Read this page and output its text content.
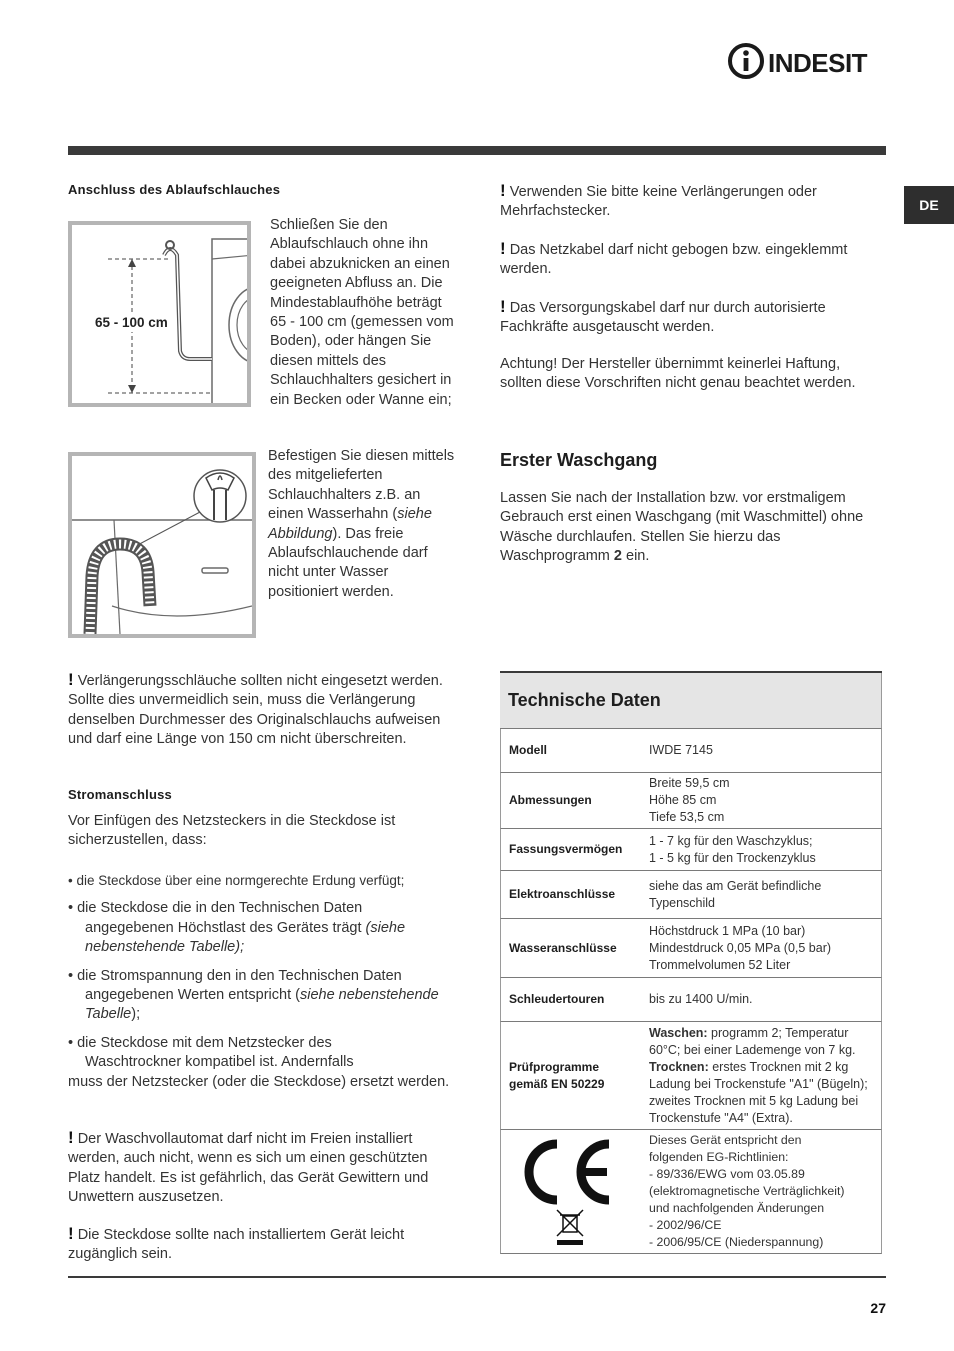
INDESIT
DE
Anschluss des Ablaufschlauches
65 - 100 cm
Schließen Sie den Ablaufschlauch ohne ihn dabei abzuknicken an einen geeigneten Abfluss an. Die Mindestablaufhöhe beträgt 65 - 100 cm (gemessen vom Boden), oder hängen Sie diesen mittels des Schlauchhalters gesichert in ein Becken oder Wanne ein;
Befestigen Sie diesen mittels des mitgelieferten Schlauchhalters z.B. an einen Wasserhahn (siehe Abbildung). Das freie Ablaufschlauchende darf nicht unter Wasser positioniert werden.
! Verlängerungsschläuche sollten nicht eingesetzt werden. Sollte dies unvermeidlich sein, muss die Verlängerung denselben Durchmesser des Originalschlauchs aufweisen und darf eine Länge von 150 cm nicht überschreiten.
Stromanschluss
Vor Einfügen des Netzsteckers in die Steckdose ist sicherzustellen, dass:
• die Steckdose über eine normgerechte Erdung verfügt;
• die Steckdose die in den Technischen Daten
angegebenen Höchstlast des Gerätes trägt (siehe nebenstehende Tabelle);
• die Stromspannung den in den Technischen Daten
angegebenen Werten entspricht (siehe nebenstehende Tabelle);
• die Steckdose mit dem Netzstecker des
Waschtrockner kompatibel ist. Andernfalls
muss der Netzstecker (oder die Steckdose) ersetzt werden.
! Der Waschvollautomat darf nicht im Freien installiert werden, auch nicht, wenn es sich um einen geschützten Platz handelt. Es ist gefährlich, das Gerät Gewittern und Unwettern auszusetzen.
! Die Steckdose sollte nach installiertem Gerät leicht zugänglich sein.
! Verwenden Sie bitte keine Verlängerungen oder Mehrfachstecker.
! Das Netzkabel darf nicht gebogen bzw. eingeklemmt werden.
! Das Versorgungskabel darf nur durch autorisierte Fachkräfte ausgetauscht werden.
Achtung! Der Hersteller übernimmt keinerlei Haftung, sollten diese Vorschriften nicht genau beachtet werden.
Erster Waschgang
Lassen Sie nach der Installation bzw. vor erstmaligem Gebrauch erst einen Waschgang (mit Waschmittel) ohne Wäsche durchlaufen. Stellen Sie hierzu das Waschprogramm 2 ein.
Technische Daten
Modell	IWDE 7145
Abmessungen
Breite 59,5 cm
Höhe 85 cm
Tiefe 53,5 cm
Fassungsvermögen
1 - 7 kg für den Waschzyklus;
1 - 5 kg für den Trockenzyklus
Elektroanschlüsse
siehe das am Gerät befindliche
Typenschild
Wasseranschlüsse
Höchstdruck 1 MPa (10 bar)
Mindestdruck 0,05 MPa (0,5 bar)
Trommelvolumen 52 Liter
Schleudertouren	bis zu 1400 U/min.
Prüfprogramme
gemäß EN 50229
Waschen: programm 2; Temperatur
60°C; bei einer Lademenge von 7 kg.
Trocknen: erstes Trocknen mit 2 kg
Ladung bei Trockenstufe "A1" (Bügeln);
zweites Trocknen mit 5 kg Ladung bei
Trockenstufe "A4" (Extra).
Dieses Gerät entspricht den
folgenden EG-Richtlinien:
- 89/336/EWG vom 03.05.89
(elektromagnetische Verträglichkeit)
und nachfolgenden Änderungen
- 2002/96/CE
- 2006/95/CE (Niederspannung)
27
